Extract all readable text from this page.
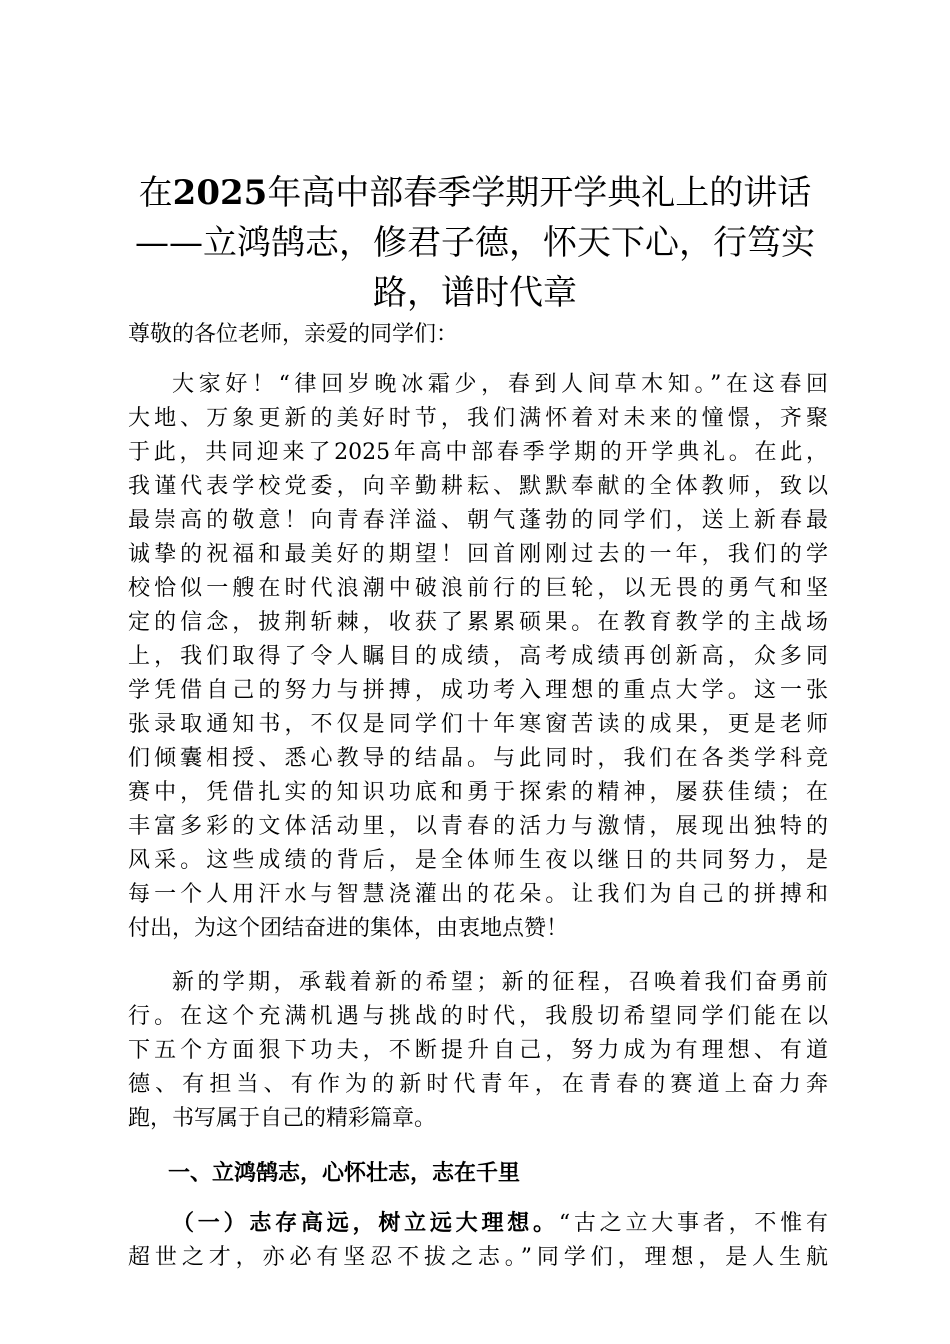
在2025年高中部春季学期开学典礼上的讲话
——立鸿鹄志，修君子德，怀天下心，行笃实
路，谱时代章

尊敬的各位老师，亲爱的同学们：

大家好！“律回岁晚冰霜少，春到人间草木知。”在这春回
大地、万象更新的美好时节，我们满怀着对未来的憧憬，齐聚
于此，共同迎来了2025年高中部春季学期的开学典礼。在此，
我谨代表学校党委，向辛勤耕耘、默默奉献的全体教师，致以
最崇高的敬意！向青春洋溢、朝气蓬勃的同学们，送上新春最
诚挚的祝福和最美好的期望！回首刚刚过去的一年，我们的学
校恰似一艘在时代浪潮中破浪前行的巨轮，以无畏的勇气和坚
定的信念，披荆斩棘，收获了累累硕果。在教育教学的主战场
上，我们取得了令人瞩目的成绩，高考成绩再创新高，众多同
学凭借自己的努力与拼搏，成功考入理想的重点大学。这一张
张录取通知书，不仅是同学们十年寒窗苦读的成果，更是老师
们倾囊相授、悉心教导的结晶。与此同时，我们在各类学科竞
赛中，凭借扎实的知识功底和勇于探索的精神，屡获佳绩；在
丰富多彩的文体活动里，以青春的活力与激情，展现出独特的
风采。这些成绩的背后，是全体师生夜以继日的共同努力，是
每一个人用汗水与智慧浇灌出的花朵。让我们为自己的拼搏和
付出，为这个团结奋进的集体，由衷地点赞！
新的学期，承载着新的希望；新的征程，召唤着我们奋勇前
行。在这个充满机遇与挑战的时代，我殷切希望同学们能在以
下五个方面狠下功夫，不断提升自己，努力成为有理想、有道
德、有担当、有作为的新时代青年，在青春的赛道上奋力奔
跑，书写属于自己的精彩篇章。

一、立鸿鹄志，心怀壮志，志在千里

（一）志存高远，树立远大理想。“古之立大事者，不惟有
超世之才，亦必有坚忍不拔之志。”同学们，理想，是人生航
